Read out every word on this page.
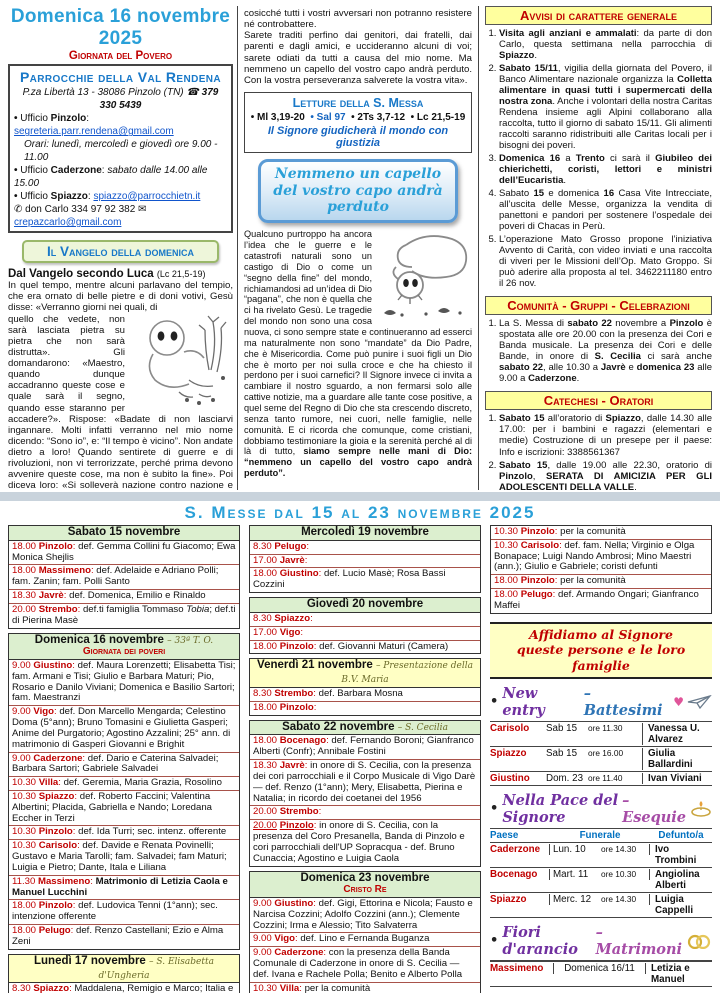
Domenica 16 novembre 2025
Giornata del Povero
Parrocchie della Val Rendena
P.za Libertà 13 - 38086 Pinzolo (TN) ☎ 379 330 5439
• Ufficio Pinzolo: segreteria.parr.rendena@gmail.com
Orari: lunedì, mercoledì e giovedì ore 9.00 - 11.00
• Ufficio Caderzone: sabato dalle 14.00 alle 15.00
• Ufficio Spiazzo: spiazzo@parrocchietn.it
✆ don Carlo 334 97 92 382 ✉ crepazcarlo@gmail.com
Il Vangelo della domenica
Dal Vangelo secondo Luca (Lc 21,5-19)
In quel tempo, mentre alcuni parlavano del tempio, che era ornato di belle pietre e di doni votivi, Gesù disse: «Verranno giorni nei quali, di
quello che vedete, non sarà lasciata pietra su pietra che non sarà distrutta». Gli domandarono: «Maestro, quando dunque accadranno queste cose e quale sarà il segno, quando esse staranno per accadere?». Rispose: «Badate di non lasciarvi ingannare. Molti infatti verranno nel mio nome dicendo: “Sono io”, e: “Il tempo è vicino”. Non andate dietro a loro! Quando sentirete di guerre e di rivoluzioni, non vi terrorizzate, perché prima devono avvenire queste cose, ma non è subito la fine». Poi diceva loro: «Si solleverà nazione contro nazione e
cosicché tutti i vostri avversari non potranno resistere né controbattere.
Sarete traditi perfino dai genitori, dai fratelli, dai parenti e dagli amici, e uccideranno alcuni di voi; sarete odiati da tutti a causa del mio nome. Ma nemmeno un capello del vostro capo andrà perduto. Con la vostra perseveranza salverete la vostra vita».
Letture della S. Messa
• Ml 3,19-20 • Sal 97 • 2Ts 3,7-12 • Lc 21,5-19
Il Signore giudicherà il mondo con giustizia
Nemmeno un capello
del vostro capo andrà perduto
Qualcuno purtroppo ha ancora l’idea che le guerre e le catastrofi naturali sono un castigo di Dio o come un “segno della fine” del mondo, richiamandosi ad un’idea di Dio “pagana”, che non è quella che ci ha rivelato Gesù. Le tragedie del mondo non sono una cosa nuova, ci sono sempre state e continueranno ad esserci ma naturalmente non sono “mandate” da Dio Padre, che è Misericordia. Come può punire i suoi figli un Dio che è morto per noi sulla croce e che ha chiesto il perdono per i suoi carnefici? Il Signore invece ci invita a cambiare il nostro sguardo, a non fermarsi solo alle cattive notizie, ma a guardare alle tante cose positive, a quel seme del Regno di Dio che sta crescendo discreto, senza tanto rumore, nei cuori, nelle famiglie, nelle comunità. E ci ricorda che comunque, come cristiani, dobbiamo testimoniare la gioia e la serenità perché al di là di tutto, siamo sempre nelle mani di Dio: “nemmeno un capello del vostro capo andrà perduto”.
Avvisi di carattere generale
1. Visita agli anziani e ammalati: da parte di don Carlo, questa settimana nella parrocchia di Spiazzo.
2. Sabato 15/11, vigilia della giornata del Povero, il Banco Alimentare nazionale organizza la Colletta alimentare in quasi tutti i supermercati della nostra zona. Anche i volontari della nostra Caritas Rendena insieme agli Alpini collaborano alla raccolta, tutto il giorno di sabato 15/11. Gli alimenti raccolti saranno ridistribuiti alle Caritas locali per i bisogni dei poveri.
3. Domenica 16 a Trento ci sarà il Giubileo dei chierichetti, coristi, lettori e ministri dell’Eucaristia.
4. Sabato 15 e domenica 16 Casa Vite Intrecciate, all’uscita delle Messe, organizza la vendita di panettoni e pandori per sostenere l’ospedale dei poveri di Chacas in Perù.
5. L’operazione Mato Grosso propone l’iniziativa Avvento di Carità, con video inviati e una raccolta di viveri per le Missioni dell’Op. Mato Groppo. Si può aderire alla proposta al tel. 3462211180 entro il 26 nov.
Comunità - Gruppi - Celebrazioni
1. La S. Messa di sabato 22 novembre a Pinzolo è spostata alle ore 20.00 con la presenza dei Cori e Banda musicale. La presenza dei Cori e delle Bande, in onore di S. Cecilia ci sarà anche sabato 22, alle 10.30 a Javrè e domenica 23 alle 9.00 a Caderzone.
Catechesi - Oratori
1. Sabato 15 all’oratorio di Spiazzo, dalle 14.30 alle 17.00: per i bambini e ragazzi (elementari e medie) Costruzione di un presepe per il paese: Info e iscrizioni: 3388561367
2. Sabato 15, dalle 19.00 alle 22.30, oratorio di Pinzolo, SERATA DI AMICIZIA PER GLI ADOLESCENTI DELLA VALLE.
S. Messe dal 15 al 23 novembre 2025
Sabato 15 novembre
18.00 Pinzolo: def. Gemma Collini fu Giacomo; Ewa Monica Shejlis
18.00 Massimeno: def. Adelaide e Adriano Polli; fam. Zanin; fam. Polli Santo
18.30 Javrè: def. Domenica, Emilio e Rinaldo
20.00 Strembo: def.ti famiglia Tommaso Tobia; def.ti di Pierina Masè
Domenica 16 novembre – 33ª T. O.
Giornata dei poveri
9.00 Giustino: def. Maura Lorenzetti; Elisabetta Tisi; fam. Armani e Tisi; Giulio e Barbara Maturi; Pio, Rosario e Danilo Viviani; Domenica e Basilio Sartori; fam. Maestranzi
9.00 Vigo: def. Don Marcello Mengarda; Celestino Doma (5°ann); Bruno Tomasini e Giulietta Gasperi; Anime del Purgatorio; Agostino Azzalini; 25° ann. di matrimonio di Gasperi Giovanni e Brighit
9.00 Caderzone: def. Dario e Caterina Salvadei; Barbara Sartori; Gabriele Salvadei
10.30 Villa: def. Geremia, Maria Grazia, Rosolino
10.30 Spiazzo: def. Roberto Faccini; Valentina Albertini; Placida, Gabriella e Nando; Loredana Eccher in Terzi
10.30 Pinzolo: def. Ida Turri; sec. intenz. offerente
10.30 Carisolo: def. Davide e Renata Povinelli; Gustavo e Maria Tarolli; fam. Salvadei; fam Maturi; Luigia e Pietro; Dante, Itala e Liliana
11.30 Massimeno: Matrimonio di Letizia Caola e Manuel Lucchini
18.00 Pinzolo: def. Ludovica Tenni (1°ann); sec. intenzione offerente
18.00 Pelugo: def. Renzo Castellani; Ezio e Alma Zeni
Lunedì 17 novembre – S. Elisabetta d'Ungheria
8.30 Spiazzo: Maddalena, Remigio e Marco; Italia e
Mercoledì 19 novembre
8.30 Pelugo:
17.00 Javrè:
18.00 Giustino: def. Lucio Masè; Rosa Bassi Cozzini
Giovedì 20 novembre
8.30 Spiazzo:
17.00 Vigo:
18.00 Pinzolo: def. Giovanni Maturi (Camera)
Venerdì 21 novembre – Presentazione della B.V. Maria
8.30 Strembo: def. Barbara Mosna
18.00 Pinzolo:
Sabato 22 novembre – S. Cecilia
18.00 Bocenago: def. Fernando Boroni; Gianfranco Alberti (Confr); Annibale Fostini
18.30 Javrè: in onore di S. Cecilia, con la presenza dei cori parrocchiali e il Corpo Musicale di Vigo Darè — def. Renzo (1°ann); Mery, Elisabetta, Pierina e Natalia; in ricordo dei coetanei del 1956
20.00 Strembo:
20.00 Pinzolo: in onore di S. Cecilia, con la presenza del Coro Presanella, Banda di Pinzolo e cori parrocchiali dell'UP Sopracqua - def. Bruno Cunaccia; Agostino e Luigia Caola
Domenica 23 novembre
Cristo Re
9.00 Giustino: def. Gigi, Ettorina e Nicola; Fausto e Narcisa Cozzini; Adolfo Cozzini (ann.); Clemente Cozzini; Irma e Alessio; Tito Salvaterra
9.00 Vigo: def. Lino e Fernanda Buganza
9.00 Caderzone: con la presenza della Banda Comunale di Caderzone in onore di S. Cecilia — def. Ivana e Rachele Polla; Benito e Alberto Polla
10.30 Villa: per la comunità
10.30 Pinzolo: per la comunità
10.30 Carisolo: def. fam. Nella; Virginio e Olga Bonapace; Luigi Nando Ambrosi; Mino Maestri (ann.); Giulio e Gabriele; coristi defunti
18.00 Pinzolo: per la comunità
18.00 Pelugo: def. Armando Ongari; Gianfranco Maffei
Affidiamo al Signore
queste persone e le loro famiglie
• New entry
– Battesimi ♥
Carisolo	Sab 15	ore 11.30	Vanessa U. Alvarez
Spiazzo	Sab 15	ore 16.00	Giulia Ballardini
Giustino	Dom. 23 ore 11.40	Ivan Viviani
• Nella Pace del Signore
– Esequie
Paese	Funerale	Defunto/a
Caderzone	Lun. 10	ore 14.30	Ivo Trombini
Bocenago	Mart. 11	ore 10.30	Angiolina Alberti
Spiazzo	Merc. 12	ore 14.30	Luigia Cappelli
• Fiori d'arancio
– Matrimoni
Massimeno	Domenica 16/11	Letizia e Manuel
